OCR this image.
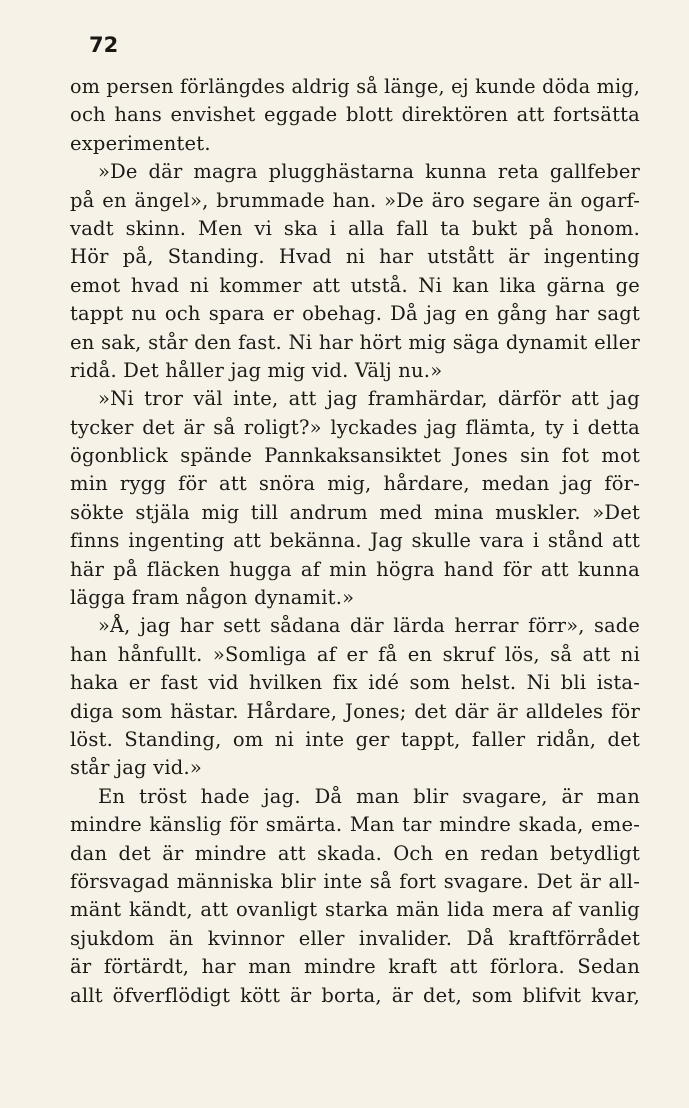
72
om persen förlängdes aldrig så länge, ej kunde döda mig,
och hans envishet eggade blott direktören att fortsätta
experimentet.
»De där magra plugghästarna kunna reta gallfeber
på en ängel», brummade han. »De äro segare än ogarf-
vadt skinn. Men vi ska i alla fall ta bukt på honom.
Hör på, Standing. Hvad ni har utstått är ingenting
emot hvad ni kommer att utstå. Ni kan lika gärna ge
tappt nu och spara er obehag. Då jag en gång har sagt
en sak, står den fast. Ni har hört mig säga dynamit eller
ridå. Det håller jag mig vid. Välj nu.»
»Ni tror väl inte, att jag framhärdar, därför att jag
tycker det är så roligt?» lyckades jag flämta, ty i detta
ögonblick spände Pannkaksansiktet Jones sin fot mot
min rygg för att snöra mig, hårdare, medan jag för-
sökte stjäla mig till andrum med mina muskler. »Det
finns ingenting att bekänna. Jag skulle vara i stånd att
här på fläcken hugga af min högra hand för att kunna
lägga fram någon dynamit.»
»Å, jag har sett sådana där lärda herrar förr», sade
han hånfullt. »Somliga af er få en skruf lös, så att ni
haka er fast vid hvilken fix idé som helst. Ni bli ista-
diga som hästar. Hårdare, Jones; det där är alldeles för
löst. Standing, om ni inte ger tappt, faller ridån, det
står jag vid.»
En tröst hade jag. Då man blir svagare, är man
mindre känslig för smärta. Man tar mindre skada, eme-
dan det är mindre att skada. Och en redan betydligt
försvagad människa blir inte så fort svagare. Det är all-
mänt kändt, att ovanligt starka män lida mera af vanlig
sjukdom än kvinnor eller invalider. Då kraftförrådet
är förtärdt, har man mindre kraft att förlora. Sedan
allt öfverflödigt kött är borta, är det, som blifvit kvar,
